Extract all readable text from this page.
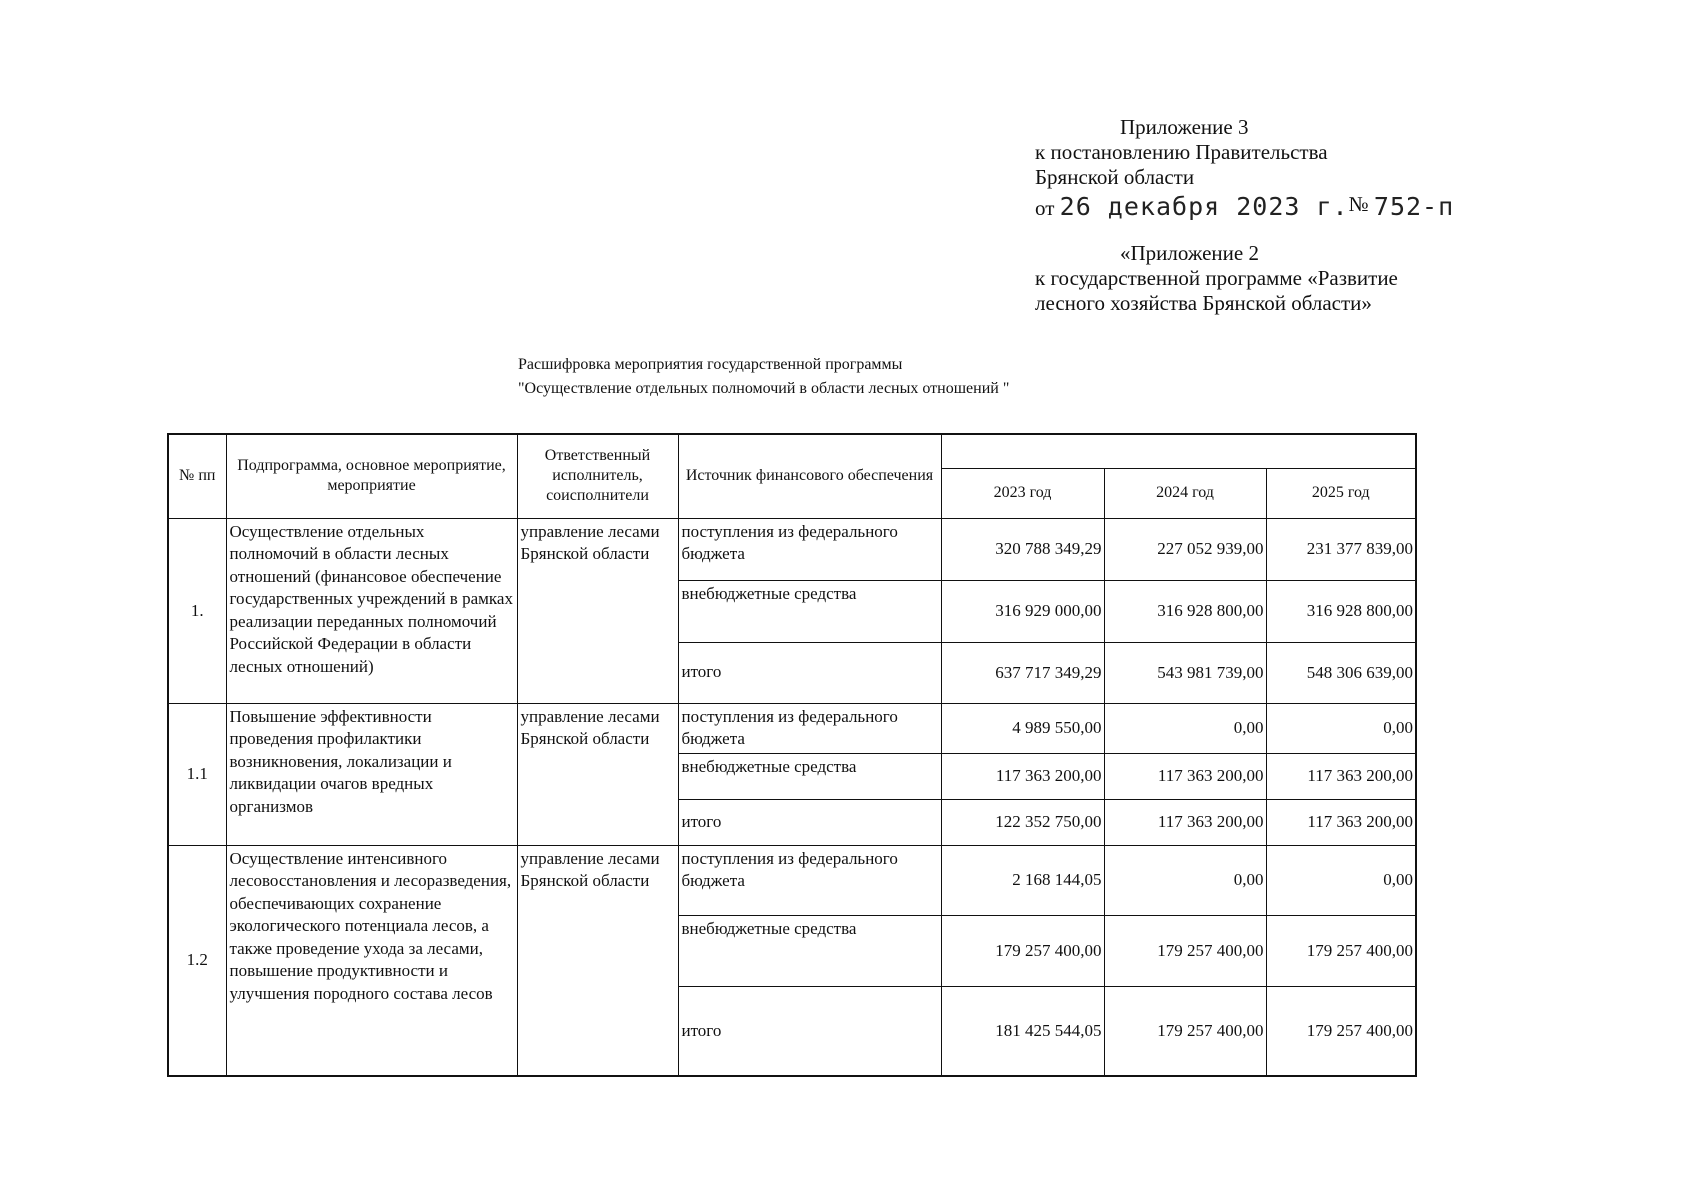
Приложение 3
к постановлению Правительства
Брянской области
от 26 декабря 2023 г.№ 752-п
«Приложение 2
к государственной программе «Развитие
лесного хозяйства Брянской области»
Расшифровка мероприятия государственной программы
"Осуществление отдельных полномочий в области лесных отношений "
№ пп	Подпрограмма, основное мероприятие, мероприятие	Ответственный исполнитель, соисполнители	Источник финансового обеспечения			
				2023 год	2024 год	2025 год
1.	Осуществление отдельных полномочий в области лесных отношений (финансовое обеспечение государственных учреждений в рамках реализации переданных полномочий Российской Федерации в области лесных отношений)	управление лесами Брянской области	поступления из федерального бюджета	320 788 349,29	227 052 939,00	231 377 839,00
			внебюджетные средства	316 929 000,00	316 928 800,00	316 928 800,00
			итого	637 717 349,29	543 981 739,00	548 306 639,00
1.1	Повышение эффективности проведения профилактики возникновения, локализации и ликвидации очагов вредных организмов	управление лесами Брянской области	поступления из федерального бюджета	4 989 550,00	0,00	0,00
			внебюджетные средства	117 363 200,00	117 363 200,00	117 363 200,00
			итого	122 352 750,00	117 363 200,00	117 363 200,00
1.2	Осуществление интенсивного лесовосстановления и лесоразведения, обеспечивающих сохранение экологического потенциала лесов, а также проведение ухода за лесами, повышение продуктивности и улучшения породного состава лесов	управление лесами Брянской области	поступления из федерального бюджета	2 168 144,05	0,00	0,00
			внебюджетные средства	179 257 400,00	179 257 400,00	179 257 400,00
			итого	181 425 544,05	179 257 400,00	179 257 400,00
